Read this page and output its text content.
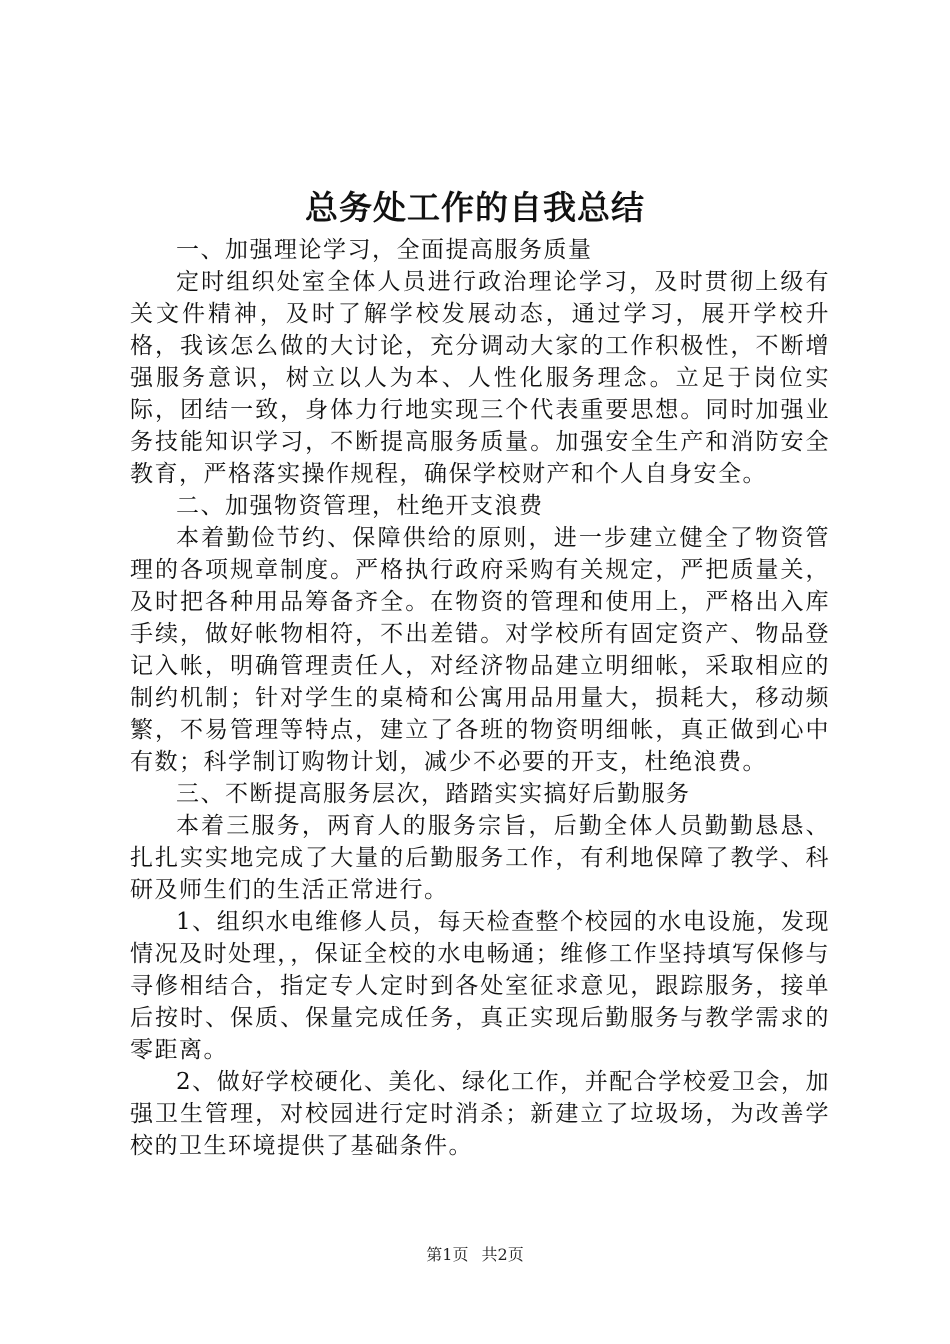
总务处工作的自我总结

一、加强理论学习，全面提高服务质量

定时组织处室全体人员进行政治理论学习，及时贯彻上级有关文件精神，及时了解学校发展动态，通过学习，展开学校升格，我该怎么做的大讨论，充分调动大家的工作积极性，不断增强服务意识，树立以人为本、人性化服务理念。立足于岗位实际，团结一致，身体力行地实现三个代表重要思想。同时加强业务技能知识学习，不断提高服务质量。加强安全生产和消防安全教育，严格落实操作规程，确保学校财产和个人自身安全。

二、加强物资管理，杜绝开支浪费

本着勤俭节约、保障供给的原则，进一步建立健全了物资管理的各项规章制度。严格执行政府采购有关规定，严把质量关，及时把各种用品筹备齐全。在物资的管理和使用上，严格出入库手续，做好帐物相符，不出差错。对学校所有固定资产、物品登记入帐，明确管理责任人，对经济物品建立明细帐，采取相应的制约机制；针对学生的桌椅和公寓用品用量大，损耗大，移动频繁，不易管理等特点，建立了各班的物资明细帐，真正做到心中有数；科学制订购物计划，减少不必要的开支，杜绝浪费。

三、不断提高服务层次，踏踏实实搞好后勤服务

本着三服务，两育人的服务宗旨，后勤全体人员勤勤恳恳、扎扎实实地完成了大量的后勤服务工作，有利地保障了教学、科研及师生们的生活正常进行。

1、组织水电维修人员，每天检查整个校园的水电设施，发现情况及时处理，，保证全校的水电畅通；维修工作坚持填写保修与寻修相结合，指定专人定时到各处室征求意见，跟踪服务，接单后按时、保质、保量完成任务，真正实现后勤服务与教学需求的零距离。

2、做好学校硬化、美化、绿化工作，并配合学校爱卫会，加强卫生管理，对校园进行定时消杀；新建立了垃圾场，为改善学校的卫生环境提供了基础条件。

第1页 共2页
